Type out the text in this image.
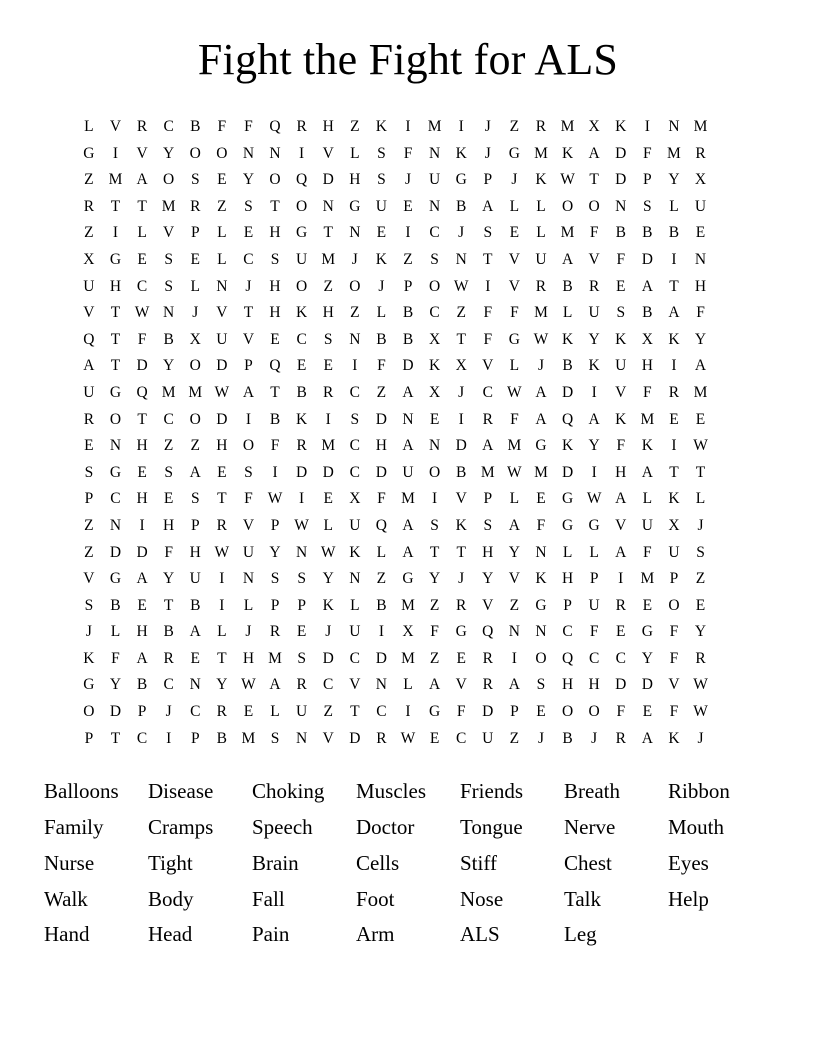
Fight the Fight for ALS
L	V	R	C	B	F	F	Q	R	H	Z	K	I	M	I	J	Z	R	M	X	K	I	N	M	
G	I	V	Y	O	O	N	N	I	V	L	S	F	N	K	J	G	M	K	A	D	F	M	R	
Z	M	A	O	S	E	Y	O	Q	D	H	S	J	U	G	P	J	K	W	T	D	P	Y	X	
R	T	T	M	R	Z	S	T	O	N	G	U	E	N	B	A	L	L	O	O	N	S	L	U	
Z	I	L	V	P	L	E	H	G	T	N	E	I	C	J	S	E	L	M	F	B	B	B	E	
X	G	E	S	E	L	C	S	U	M	J	K	Z	S	N	T	V	U	A	V	F	D	I	N	
U	H	C	S	L	N	J	H	O	Z	O	J	P	O	W	I	V	R	B	R	E	A	T	H	
V	T	W	N	J	V	T	H	K	H	Z	L	B	C	Z	F	F	M	L	U	S	B	A	F	
Q	T	F	B	X	U	V	E	C	S	N	B	B	X	T	F	G	W	K	Y	K	X	K	Y	
A	T	D	Y	O	D	P	Q	E	E	I	F	D	K	X	V	L	J	B	K	U	H	I	A	
U	G	Q	M	M	W	A	T	B	R	C	Z	A	X	J	C	W	A	D	I	V	F	R	M	
R	O	T	C	O	D	I	B	K	I	S	D	N	E	I	R	F	A	Q	A	K	M	E	E	
E	N	H	Z	Z	H	O	F	R	M	C	H	A	N	D	A	M	G	K	Y	F	K	I	W	
S	G	E	S	A	E	S	I	D	D	C	D	U	O	B	M	W	M	D	I	H	A	T	T	
P	C	H	E	S	T	F	W	I	E	X	F	M	I	V	P	L	E	G	W	A	L	K	L	
Z	N	I	H	P	R	V	P	W	L	U	Q	A	S	K	S	A	F	G	G	V	U	X	J	
Z	D	D	F	H	W	U	Y	N	W	K	L	A	T	T	H	Y	N	L	L	A	F	U	S	
V	G	A	Y	U	I	N	S	S	Y	N	Z	G	Y	J	Y	V	K	H	P	I	M	P	Z	
S	B	E	T	B	I	L	P	P	K	L	B	M	Z	R	V	Z	G	P	U	R	E	O	E	
J	L	H	B	A	L	J	R	E	J	U	I	X	F	G	Q	N	N	C	F	E	G	F	Y	
K	F	A	R	E	T	H	M	S	D	C	D	M	Z	E	R	I	O	Q	C	C	Y	F	R	
G	Y	B	C	N	Y	W	A	R	C	V	N	L	A	V	R	A	S	H	H	D	D	V	W	
O	D	P	J	C	R	E	L	U	Z	T	C	I	G	F	D	P	E	O	O	F	E	F	W	
P	T	C	I	P	B	M	S	N	V	D	R	W	E	C	U	Z	J	B	J	R	A	K	J	
Balloons	Disease	Choking	Muscles	Friends	Breath	Ribbon
Family	Cramps	Speech	Doctor	Tongue	Nerve	Mouth
Nurse	Tight	Brain	Cells	Stiff	Chest	Eyes
Walk	Body	Fall	Foot	Nose	Talk	Help
Hand	Head	Pain	Arm	ALS	Leg	
